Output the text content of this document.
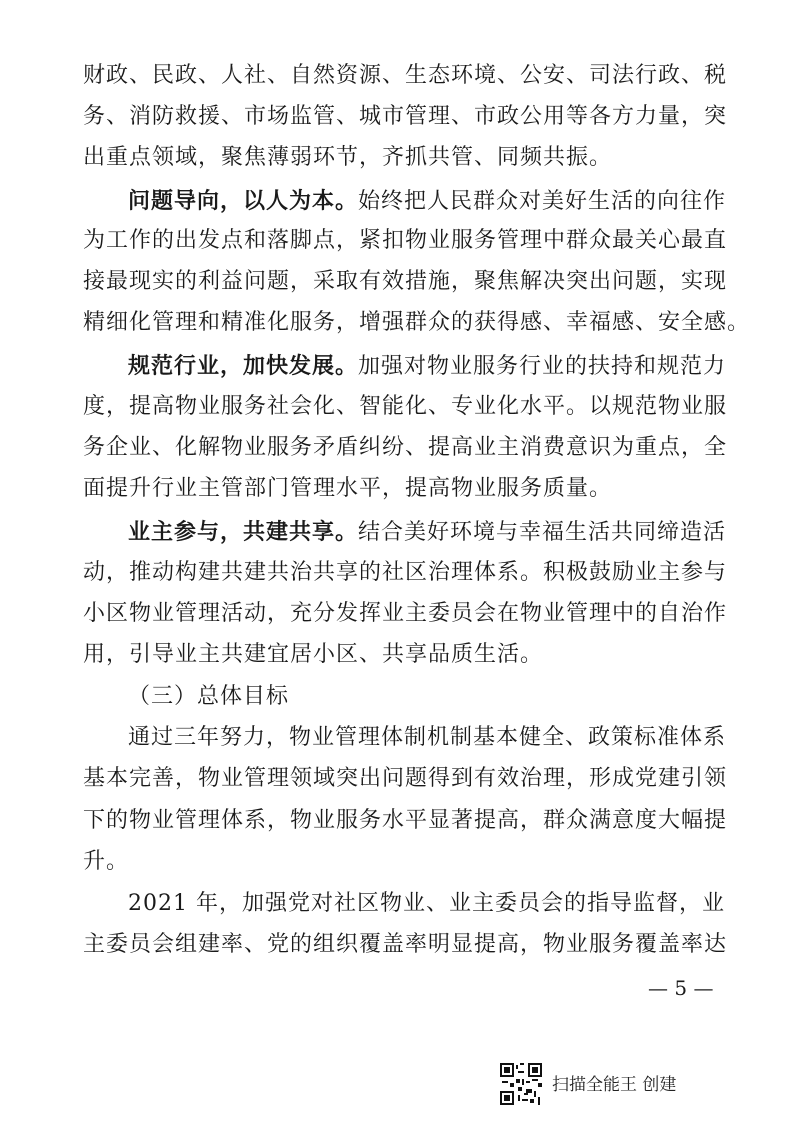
财政、民政、人社、自然资源、生态环境、公安、司法行政、税
务、消防救援、市场监管、城市管理、市政公用等各方力量，突
出重点领域，聚焦薄弱环节，齐抓共管、同频共振。
问题导向，以人为本。始终把人民群众对美好生活的向往作
为工作的出发点和落脚点，紧扣物业服务管理中群众最关心最直
接最现实的利益问题，采取有效措施，聚焦解决突出问题，实现
精细化管理和精准化服务，增强群众的获得感、幸福感、安全感。
规范行业，加快发展。加强对物业服务行业的扶持和规范力
度，提高物业服务社会化、智能化、专业化水平。以规范物业服
务企业、化解物业服务矛盾纠纷、提高业主消费意识为重点，全
面提升行业主管部门管理水平，提高物业服务质量。
业主参与，共建共享。结合美好环境与幸福生活共同缔造活
动，推动构建共建共治共享的社区治理体系。积极鼓励业主参与
小区物业管理活动，充分发挥业主委员会在物业管理中的自治作
用，引导业主共建宜居小区、共享品质生活。
（三）总体目标
通过三年努力，物业管理体制机制基本健全、政策标准体系
基本完善，物业管理领域突出问题得到有效治理，形成党建引领
下的物业管理体系，物业服务水平显著提高，群众满意度大幅提
升。
2021 年，加强党对社区物业、业主委员会的指导监督，业
主委员会组建率、党的组织覆盖率明显提高，物业服务覆盖率达
— 5 —
扫描全能王 创建
